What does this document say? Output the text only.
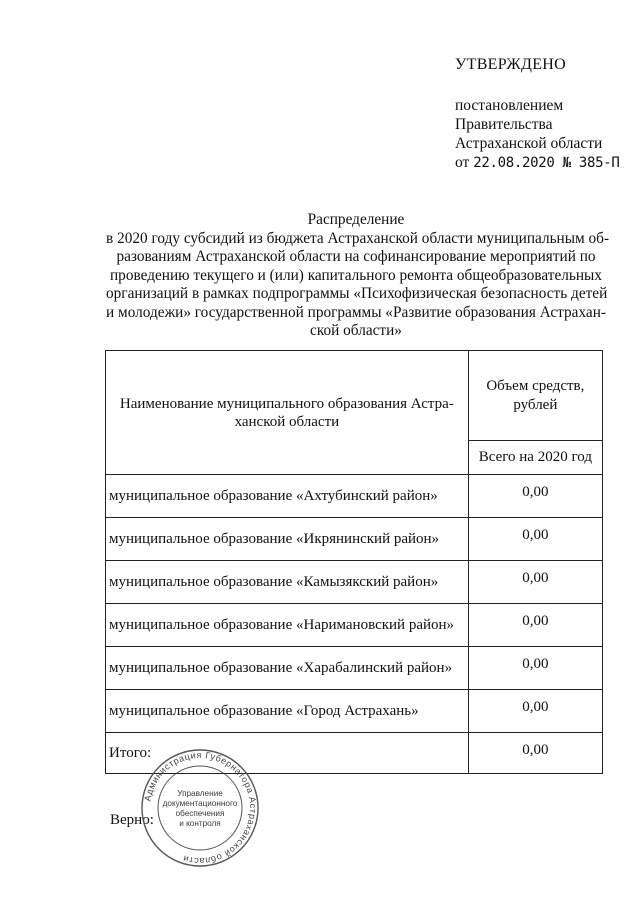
УТВЕРЖДЕНО
постановлением
Правительства
Астраханской области
от 22.08.2020 № 385-П
Распределение
в 2020 году субсидий из бюджета Астраханской области муниципальным об-
разованиям Астраханской области на софинансирование мероприятий по
проведению текущего и (или) капитального ремонта общеобразовательных
организаций в рамках подпрограммы «Психофизическая безопасность детей
и молодежи» государственной программы «Развитие образования Астрахан-
ской области»
Наименование муниципального образования Астра-
ханской области	Объем средств,
рублей
	Всего на 2020 год
муниципальное образование «Ахтубинский район»	0,00
муниципальное образование «Икрянинский район»	0,00
муниципальное образование «Камызякский район»	0,00
муниципальное образование «Наримановский район»	0,00
муниципальное образование «Харабалинский район»	0,00
муниципальное образование «Город Астрахань»	0,00
Итого:	0,00
Верно:
Администрация Губернатора Астраханской области
Управление
документационного
обеспечения
и контроля
